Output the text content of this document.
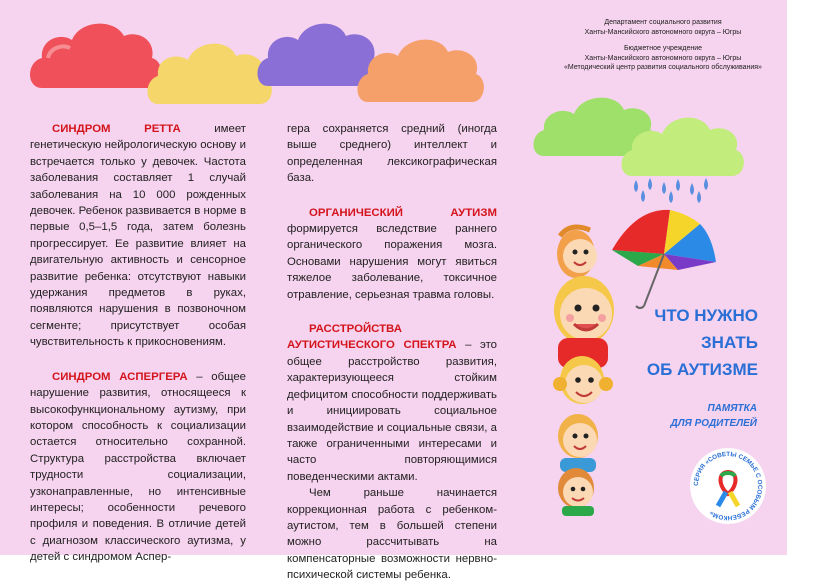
СИНДРОМ РЕТТА имеет генетическую нейрологическую основу и встречается только у девочек. Частота заболевания составляет 1 случай заболевания на 10 000 рожденных девочек. Ребенок развивается в норме в первые 0,5–1,5 года, затем болезнь прогрессирует. Ее развитие влияет на двигательную активность и сенсорное развитие ребенка: отсутствуют навыки удержания предметов в руках, появляются нарушения в позвоночном сегменте; присутствует особая чувствительность к прикосновениям.

СИНДРОМ АСПЕРГЕРА – общее нарушение развития, относящееся к высокофункциональному аутизму, при котором способность к социализации остается относительно сохранной. Структура расстройства включает трудности социализации, узконаправленные, но интенсивные интересы; особенности речевого профиля и поведения. В отличие детей с диагнозом классического аутизма, у детей с синдромом Аспер-

гера сохраняется средний (иногда выше среднего) интеллект и определенная лексикографическая база.

ОРГАНИЧЕСКИЙ АУТИЗМ формируется вследствие раннего органического поражения мозга. Основами нарушения могут явиться тяжелое заболевание, токсичное отравление, серьезная травма головы.

РАССТРОЙСТВА АУТИСТИЧЕСКОГО СПЕКТРА – это общее расстройство развития, характеризующееся стойким дефицитом способности поддерживать и инициировать социальное взаимодействие и социальные связи, а также ограниченными интересами и часто повторяющимися поведенческими актами.

Чем раньше начинается коррекционная работа с ребенком-аутистом, тем в большей степени можно рассчитывать на компенсаторные возможности нервно-психической системы ребенка.

Департамент социального развития
Ханты-Мансийского автономного округа – Югры

Бюджетное учреждение
Ханты-Мансийского автономного округа – Югры
«Методический центр развития социального обслуживания»

ЧТО НУЖНО
ЗНАТЬ
ОБ АУТИЗМЕ
ПАМЯТКА
ДЛЯ РОДИТЕЛЕЙ
СЕРИЯ «СОВЕТЫ СЕМЬЕ С ОСОБЫМ РЕБЕНКОМ»
